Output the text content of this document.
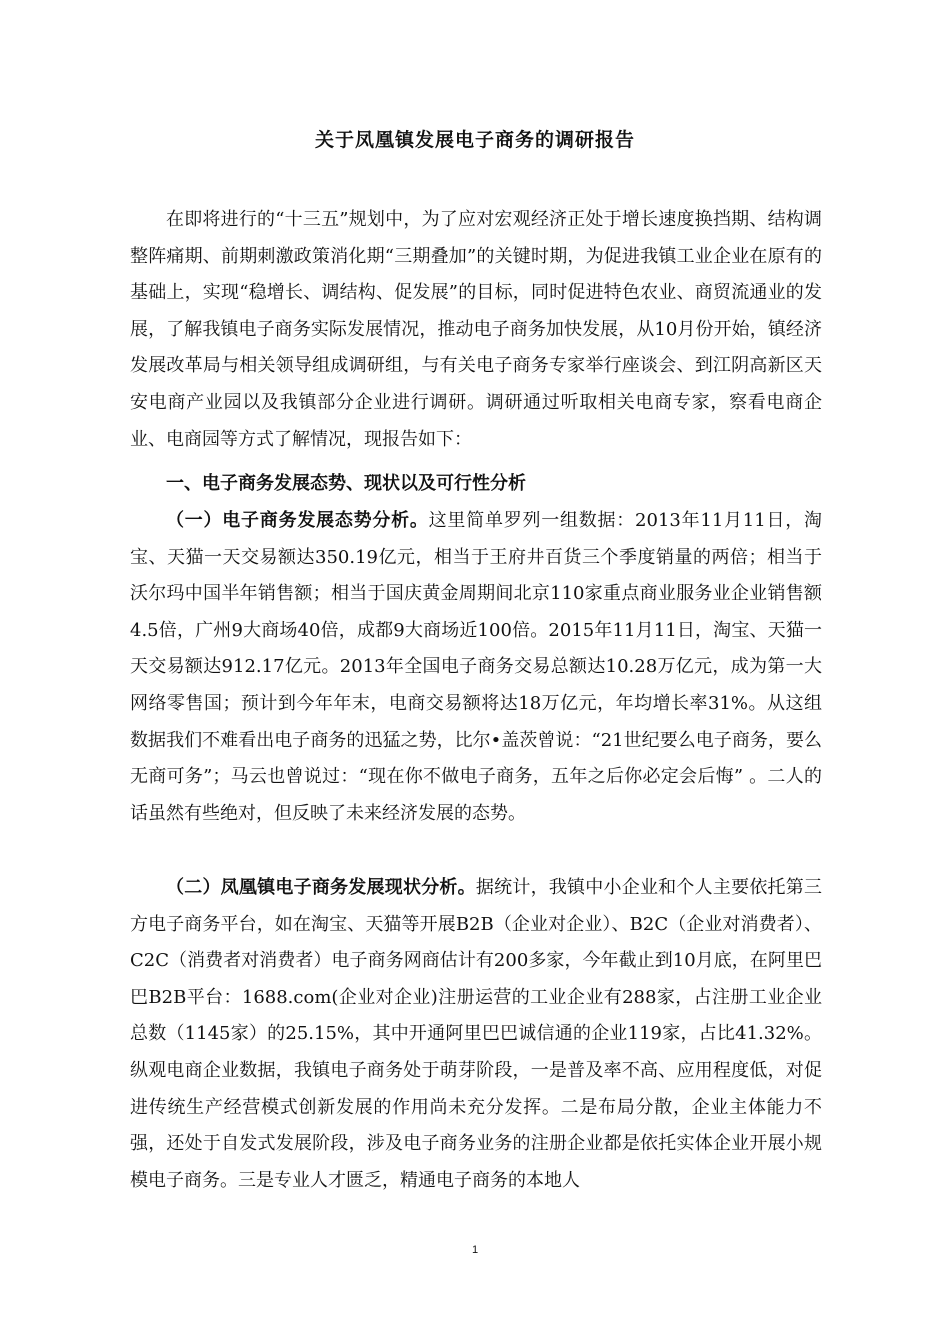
关于凤凰镇发展电子商务的调研报告

在即将进行的“十三五”规划中，为了应对宏观经济正处于增长速度换挡期、结构调整阵痛期、前期刺激政策消化期“三期叠加”的关键时期，为促进我镇工业企业在原有的基础上，实现“稳增长、调结构、促发展”的目标，同时促进特色农业、商贸流通业的发展，了解我镇电子商务实际发展情况，推动电子商务加快发展，从10月份开始，镇经济发展改革局与相关领导组成调研组，与有关电子商务专家举行座谈会、到江阴高新区天安电商产业园以及我镇部分企业进行调研。调研通过听取相关电商专家，察看电商企业、电商园等方式了解情况，现报告如下：

一、电子商务发展态势、现状以及可行性分析

（一）电子商务发展态势分析。这里简单罗列一组数据：2013年11月11日，淘宝、天猫一天交易额达350.19亿元，相当于王府井百货三个季度销量的两倍；相当于沃尔玛中国半年销售额；相当于国庆黄金周期间北京110家重点商业服务业企业销售额4.5倍，广州9大商场40倍，成都9大商场近100倍。2015年11月11日，淘宝、天猫一天交易额达912.17亿元。2013年全国电子商务交易总额达10.28万亿元，成为第一大网络零售国；预计到今年年末，电商交易额将达18万亿元，年均增长率31%。从这组数据我们不难看出电子商务的迅猛之势，比尔•盖茨曾说：“21世纪要么电子商务，要么无商可务”；马云也曾说过：“现在你不做电子商务，五年之后你必定会后悔” 。二人的话虽然有些绝对，但反映了未来经济发展的态势。

（二）凤凰镇电子商务发展现状分析。据统计，我镇中小企业和个人主要依托第三方电子商务平台，如在淘宝、天猫等开展B2B（企业对企业）、B2C（企业对消费者）、C2C（消费者对消费者）电子商务网商估计有200多家，今年截止到10月底，在阿里巴巴B2B平台：1688.com(企业对企业)注册运营的工业企业有288家，占注册工业企业总数（1145家）的25.15%，其中开通阿里巴巴诚信通的企业119家，占比41.32%。纵观电商企业数据，我镇电子商务处于萌芽阶段，一是普及率不高、应用程度低，对促进传统生产经营模式创新发展的作用尚未充分发挥。二是布局分散，企业主体能力不强，还处于自发式发展阶段，涉及电子商务业务的注册企业都是依托实体企业开展小规模电子商务。三是专业人才匮乏，精通电子商务的本地人

1
